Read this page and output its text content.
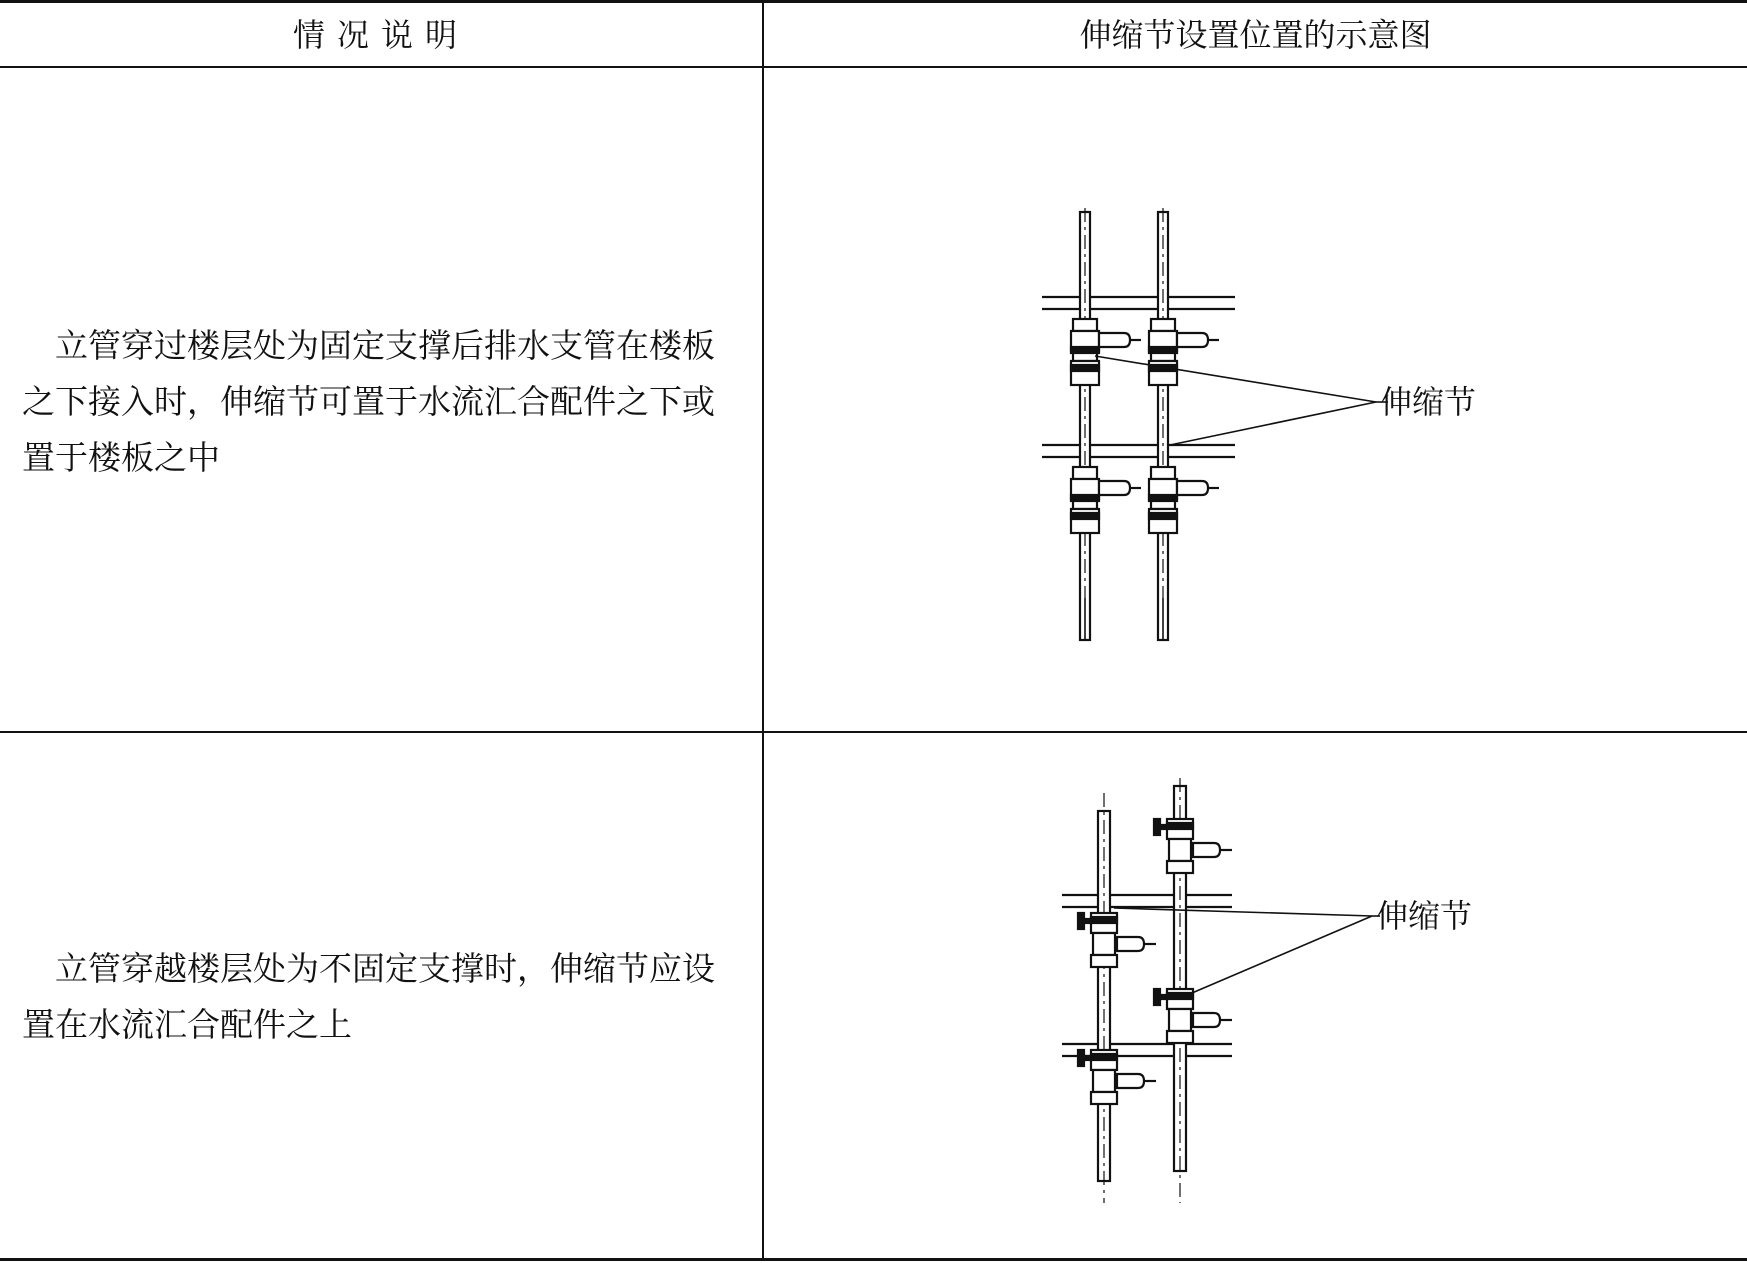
情况说明	伸缩节设置位置的示意图

立管穿过楼层处为固定支撑后排水支管在楼板之下接入时，伸缩节可置于水流汇合配件之下或置于楼板之中

伸缩节

立管穿越楼层处为不固定支撑时，伸缩节应设置在水流汇合配件之上

伸缩节
